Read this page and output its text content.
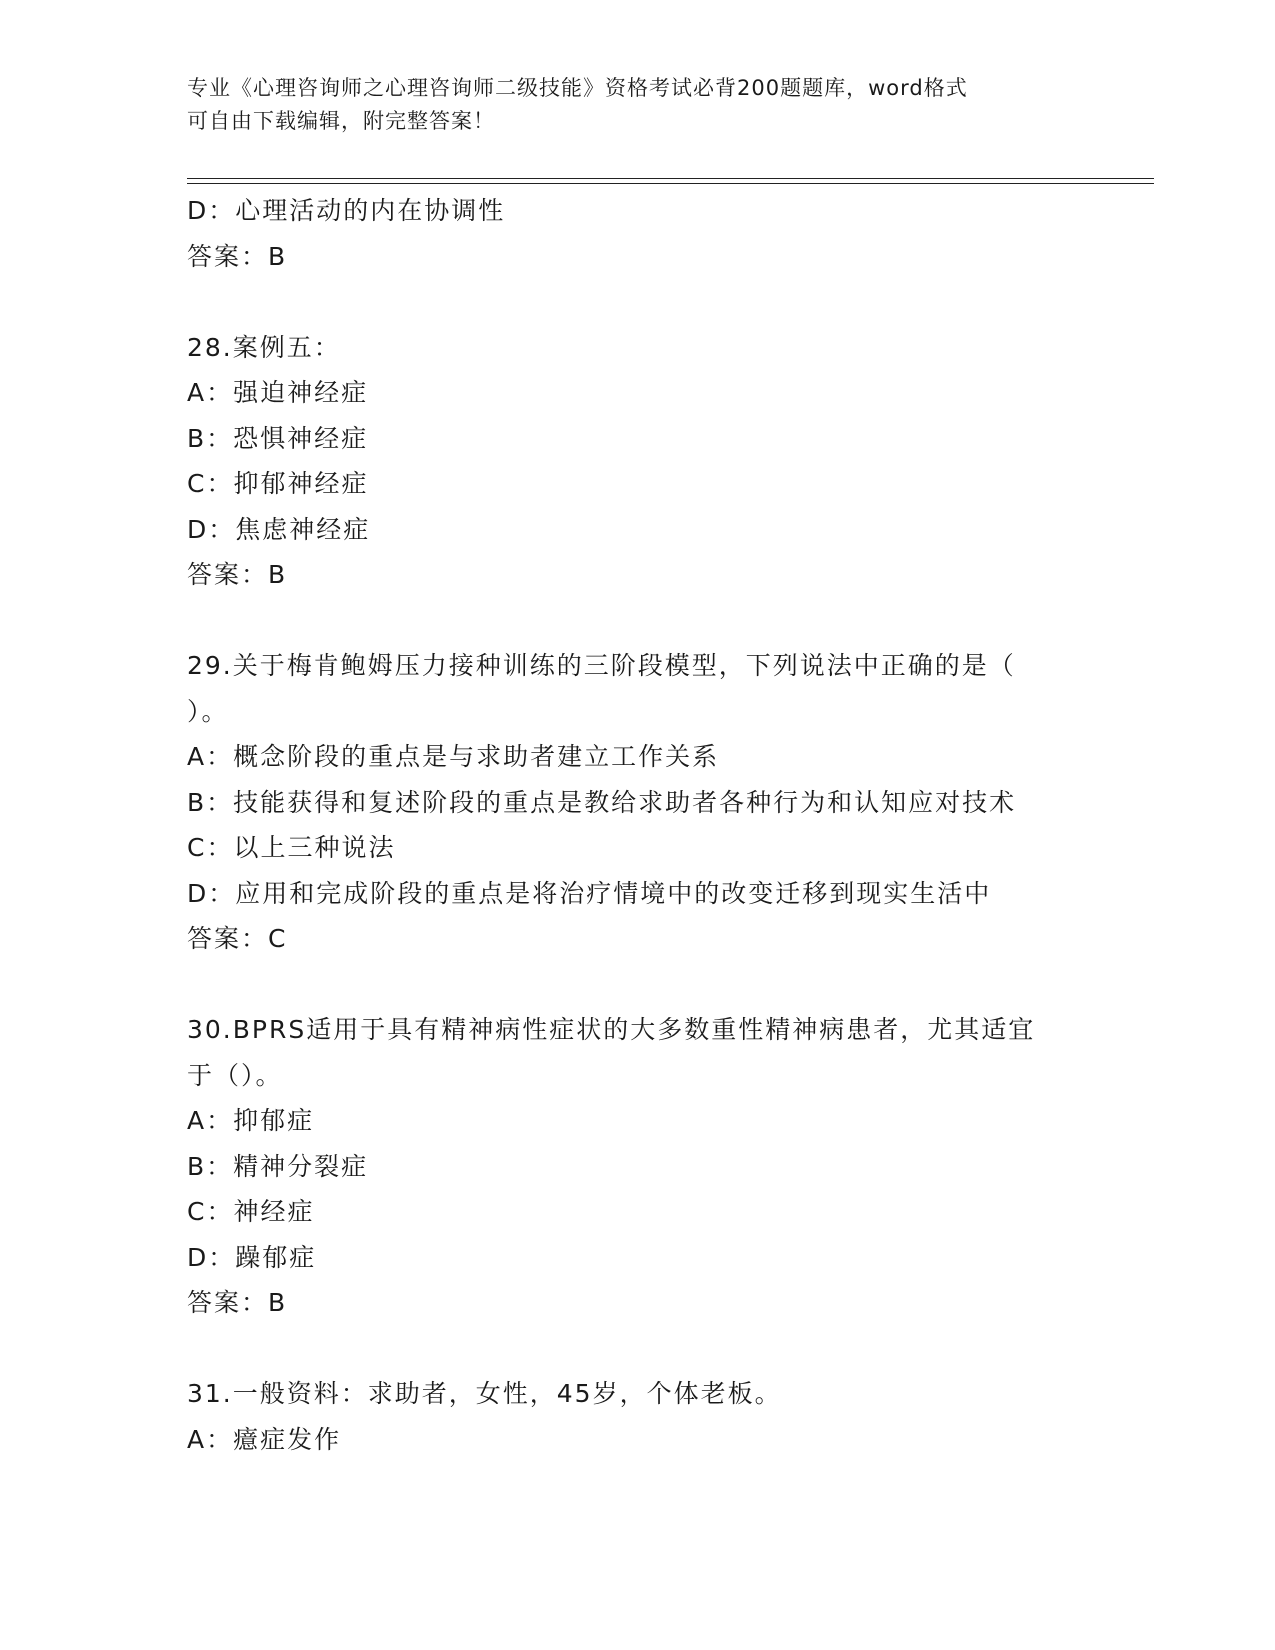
专业《心理咨询师之心理咨询师二级技能》资格考试必背200题题库，word格式
可自由下载编辑，附完整答案！
D：心理活动的内在协调性
答案：B
28.案例五：
A：强迫神经症
B：恐惧神经症
C：抑郁神经症
D：焦虑神经症
答案：B
29.关于梅肯鲍姆压力接种训练的三阶段模型，下列说法中正确的是（
）。
A：概念阶段的重点是与求助者建立工作关系
B：技能获得和复述阶段的重点是教给求助者各种行为和认知应对技术
C：以上三种说法
D：应用和完成阶段的重点是将治疗情境中的改变迁移到现实生活中
答案：C
30.BPRS适用于具有精神病性症状的大多数重性精神病患者，尤其适宜
于（）。
A：抑郁症
B：精神分裂症
C：神经症
D：躁郁症
答案：B
31.一般资料：求助者，女性，45岁，个体老板。
A：癔症发作
